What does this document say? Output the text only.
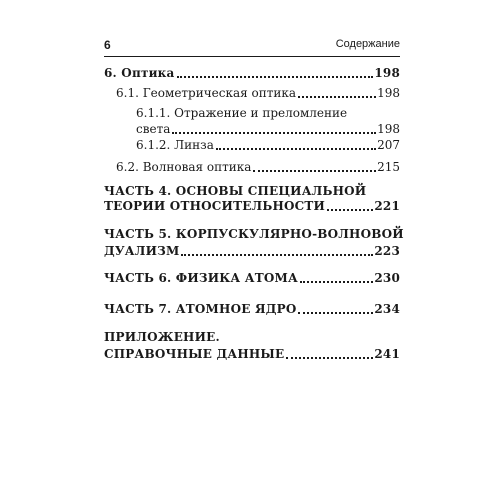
6	Содержание
6. Оптика	198
6.1. Геометрическая оптика	198
6.1.1. Отражение и преломление
света	198
6.1.2. Линза	207
6.2. Волновая оптика	215
ЧАСТЬ 4. ОСНОВЫ СПЕЦИАЛЬНОЙ
ТЕОРИИ ОТНОСИТЕЛЬНОСТИ	221
ЧАСТЬ 5. КОРПУСКУЛЯРНО-ВОЛНОВОЙ
ДУАЛИЗМ	223
ЧАСТЬ 6. ФИЗИКА АТОМА	230
ЧАСТЬ 7. АТОМНОЕ ЯДРО	234
ПРИЛОЖЕНИЕ.
СПРАВОЧНЫЕ ДАННЫЕ	241
